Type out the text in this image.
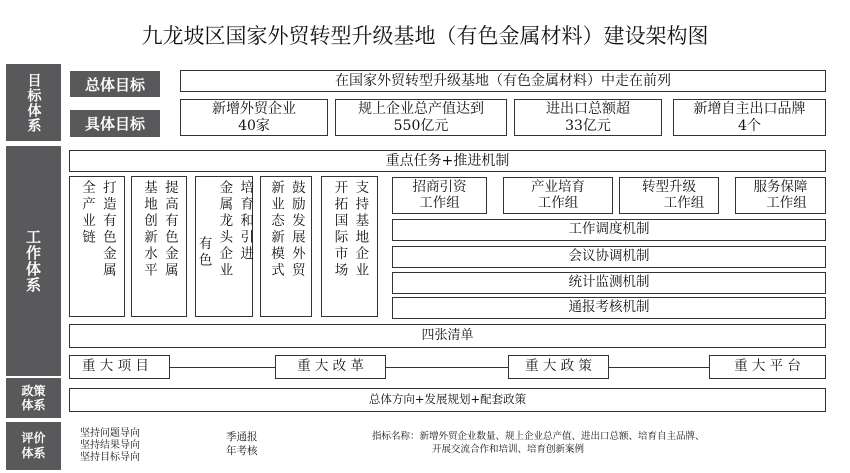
九龙坡区国家外贸转型升级基地（有色金属材料）建设架构图
目标体系
工作体系
政策体系
评价体系
总体目标	在国家外贸转型升级基地（有色金属材料）中走在前列
具体目标
新增外贸企业
40家
规上企业总产值达到
550亿元
进出口总额超
33亿元
新增自主出口品牌
4个
重点任务+推进机制
打造有色金属
全产业链	提高有色金属
基地创新水平	培育和引进
金属龙头企业
有色	鼓励发展外贸
新业态新模式	支持基地企业
开拓国际市场	招商引资
工作组
产业培育
工作组
转型升级
工作组
服务保障
工作组
工作调度机制
会议协调机制
统计监测机制
通报考核机制
四张清单
重 大 项 目	重 大 改 革	重 大 政 策	重 大 平 台
总体方向+发展规划+配套政策
坚持问题导向
坚持结果导向
坚持目标导向
季通报
年考核
指标名称：新增外贸企业数量、规上企业总产值、进出口总额、培育自主品牌、
开展交流合作和培训、培育创新案例
